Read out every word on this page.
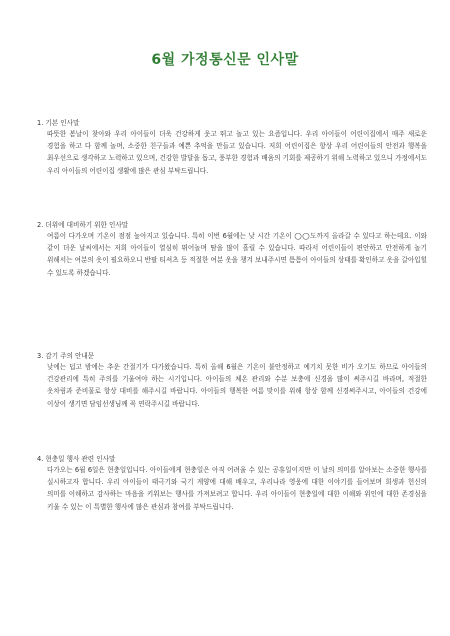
6월 가정통신문 인사말
1. 기본 인사말

따뜻한 봄날이 찾아와 우리 아이들이 더욱 건강하게 웃고 뛰고 놀고 있는 요즘입니다. 우리 아이들이 어린이집에서 매주 새로운 경험을 하고 다 함께 놀며, 소중한 친구들과 예쁜 추억을 만들고 있습니다. 저희 어린이집은 항상 우리 어린이들의 안전과 행복을 최우선으로 생각하고 노력하고 있으며, 건강한 발달을 돕고, 풍부한 경험과 배움의 기회를 제공하기 위해 노력하고 있으니 가정에서도 우리 아이들의 어린이집 생활에 많은 관심 부탁드립니다.

2. 더위에 대비하기 위한 인사말

여름이 다가오며 기온이 점점 높아지고 있습니다. 특히 이번 6월에는 낮 시간 기온이 ◯◯도까지 올라갈 수 있다고 하는데요. 이와 같이 더운 날씨에서는 저희 아이들이 열심히 뛰어놀며 땀을 많이 흘릴 수 있습니다. 따라서 어린이들이 편안하고 안전하게 놀기 위해서는 여분의 옷이 필요하오니 반팔 티셔츠 등 적절한 여분 옷을 챙겨 보내주시면 틈틈이 아이들의 상태를 확인하고 옷을 갈아입힐 수 있도록 하겠습니다.

3. 감기 주의 안내문

낮에는 덥고 밤에는 추운 간절기가 다가왔습니다. 특히 올해 6월은 기온이 불안정하고 예기치 못한 비가 오기도 하므로 아이들의 건강관리에 특히 주의를 기울여야 하는 시기입니다. 아이들의 체온 관리와 수분 보충에 신경을 많이 써주시길 바라며, 적절한 옷차림과 준비물로 항상 대비를 해주시길 바랍니다. 아이들의 행복한 여름 맞이를 위해 항상 함께 신경써주시고, 아이들의 건강에 이상이 생기면 담임선생님께 꼭 연락주시길 바랍니다.

4. 현충일 행사 관련 인사말

다가오는 6월 6일은 현충일입니다. 아이들에게 현충일은 아직 어려울 수 있는 공휴일이지만 이 날의 의미를 알아보는 소중한 행사를 실시하고자 합니다. 우리 아이들이 태극기와 국기 게양에 대해 배우고, 우리나라 영웅에 대한 이야기를 들어보며 희생과 헌신의 의미를 이해하고 감사하는 마음을 키워보는 행사를 가져보려고 합니다. 우리 아이들이 현충일에 대한 이해와 위인에 대한 존경심을 키울 수 있는 이 특별한 행사에 많은 관심과 참여를 부탁드립니다.
